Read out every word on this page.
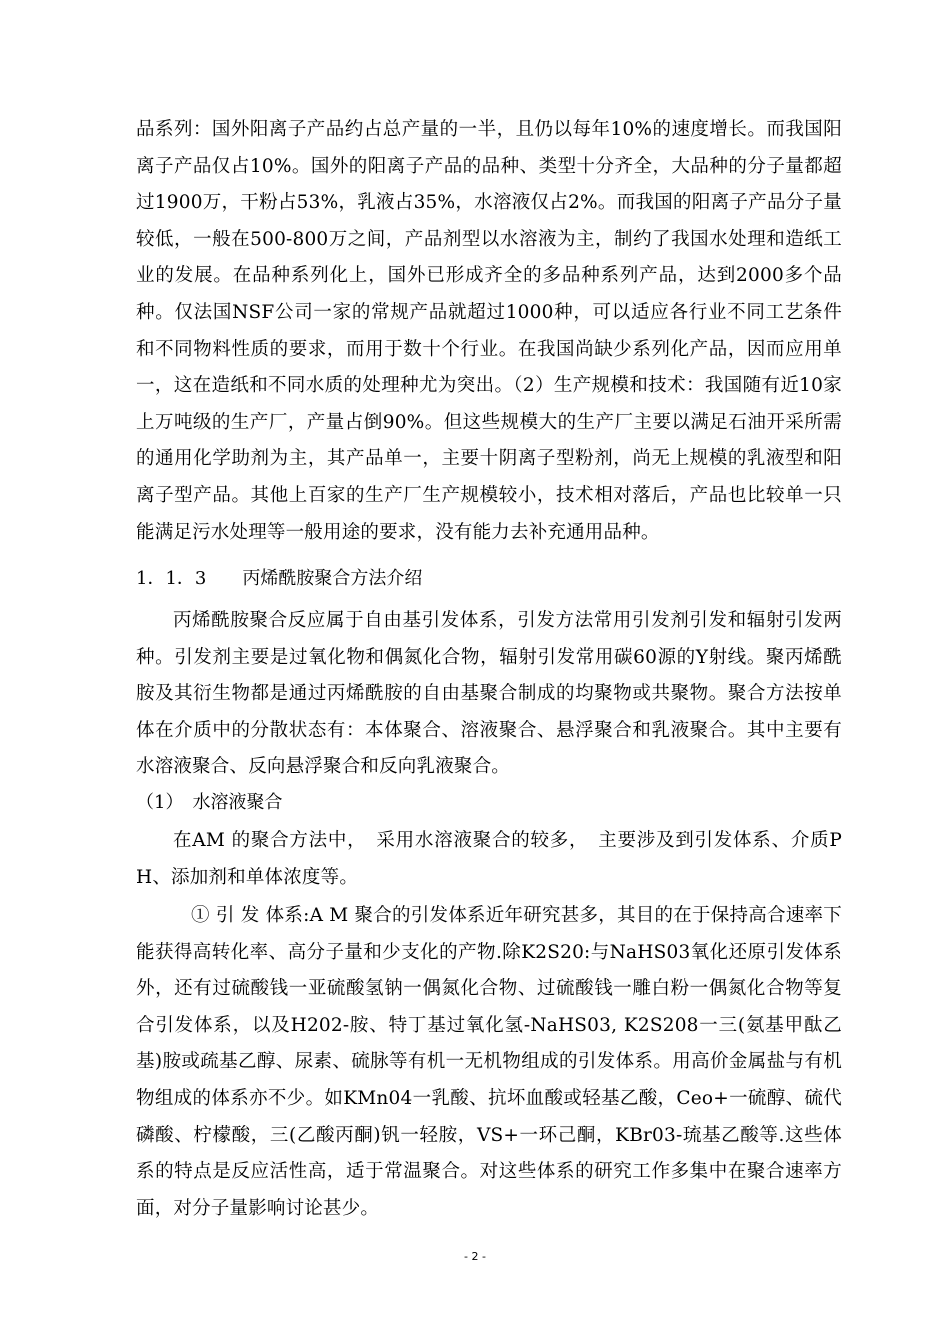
品系列：国外阳离子产品约占总产量的一半，且仍以每年10%的速度增长。而我国阳离子产品仅占10%。国外的阳离子产品的品种、类型十分齐全，大品种的分子量都超过1900万，干粉占53%，乳液占35%，水溶液仅占2%。而我国的阳离子产品分子量较低，一般在500-800万之间，产品剂型以水溶液为主，制约了我国水处理和造纸工业的发展。在品种系列化上，国外已形成齐全的多品种系列产品，达到2000多个品种。仅法国NSF公司一家的常规产品就超过1000种，可以适应各行业不同工艺条件和不同物料性质的要求，而用于数十个行业。在我国尚缺少系列化产品，因而应用单一，这在造纸和不同水质的处理种尤为突出。（2）生产规模和技术：我国随有近10家上万吨级的生产厂，产量占倒90%。但这些规模大的生产厂主要以满足石油开采所需的通用化学助剂为主，其产品单一，主要十阴离子型粉剂，尚无上规模的乳液型和阳离子型产品。其他上百家的生产厂生产规模较小，技术相对落后，产品也比较单一只能满足污水处理等一般用途的要求，没有能力去补充通用品种。

1．1．3　　丙烯酰胺聚合方法介绍

丙烯酰胺聚合反应属于自由基引发体系，引发方法常用引发剂引发和辐射引发两种。引发剂主要是过氧化物和偶氮化合物，辐射引发常用碳60源的Y射线。聚丙烯酰胺及其衍生物都是通过丙烯酰胺的自由基聚合制成的均聚物或共聚物。聚合方法按单体在介质中的分散状态有：本体聚合、溶液聚合、悬浮聚合和乳液聚合。其中主要有水溶液聚合、反向悬浮聚合和反向乳液聚合。

（1）　水溶液聚合

在AM 的聚合方法中，　采用水溶液聚合的较多，　主要涉及到引发体系、介质PH、添加剂和单体浓度等。

① 引 发 体系:A M 聚合的引发体系近年研究甚多，其目的在于保持高合速率下能获得高转化率、高分子量和少支化的产物.除K2S20:与NaHS03氧化还原引发体系外，还有过硫酸钱一亚硫酸氢钠一偶氮化合物、过硫酸钱一雕白粉一偶氮化合物等复合引发体系，以及H202-胺、特丁基过氧化氢-NaHS03, K2S208一三(氨基甲酞乙基)胺或疏基乙醇、尿素、硫脉等有机一无机物组成的引发体系。用高价金属盐与有机物组成的体系亦不少。如KMn04一乳酸、抗坏血酸或轻基乙酸，Ceo+一硫醇、硫代磷酸、柠檬酸，三(乙酸丙酮)钒一轻胺，VS+一环己酮，KBr03-琉基乙酸等.这些体系的特点是反应活性高，适于常温聚合。对这些体系的研究工作多集中在聚合速率方面，对分子量影响讨论甚少。

- 2 -
